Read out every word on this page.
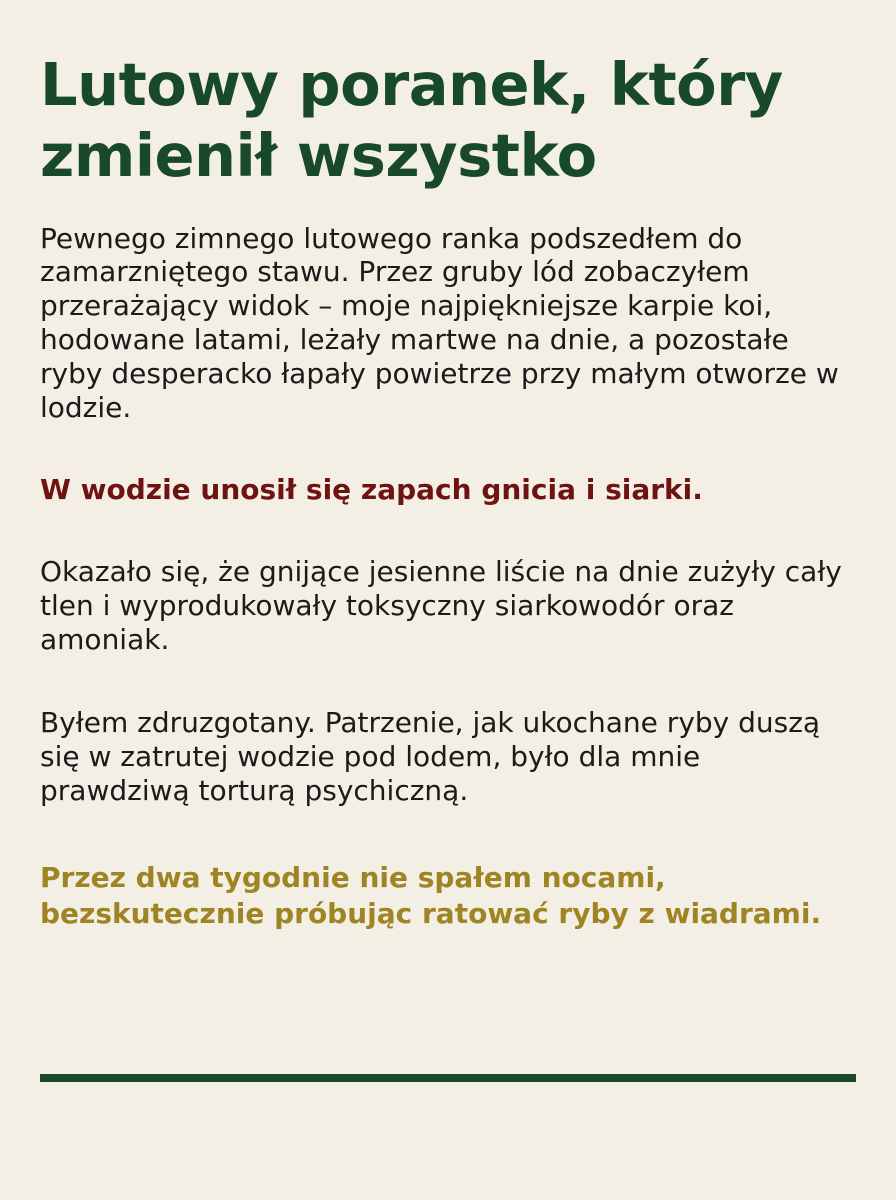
Lutowy poranek, który zmienił wszystko

Pewnego zimnego lutowego ranka podszedłem do zamarzniętego stawu. Przez gruby lód zobaczyłem przerażający widok – moje najpiękniejsze karpie koi, hodowane latami, leżały martwe na dnie, a pozostałe ryby desperacko łapały powietrze przy małym otworze w lodzie.

W wodzie unosił się zapach gnicia i siarki.

Okazało się, że gnijące jesienne liście na dnie zużyły cały tlen i wyprodukowały toksyczny siarkowodór oraz amoniak.

Byłem zdruzgotany. Patrzenie, jak ukochane ryby duszą się w zatrutej wodzie pod lodem, było dla mnie prawdziwą torturą psychiczną.

Przez dwa tygodnie nie spałem nocami, bezskutecznie próbując ratować ryby z wiadrami.
